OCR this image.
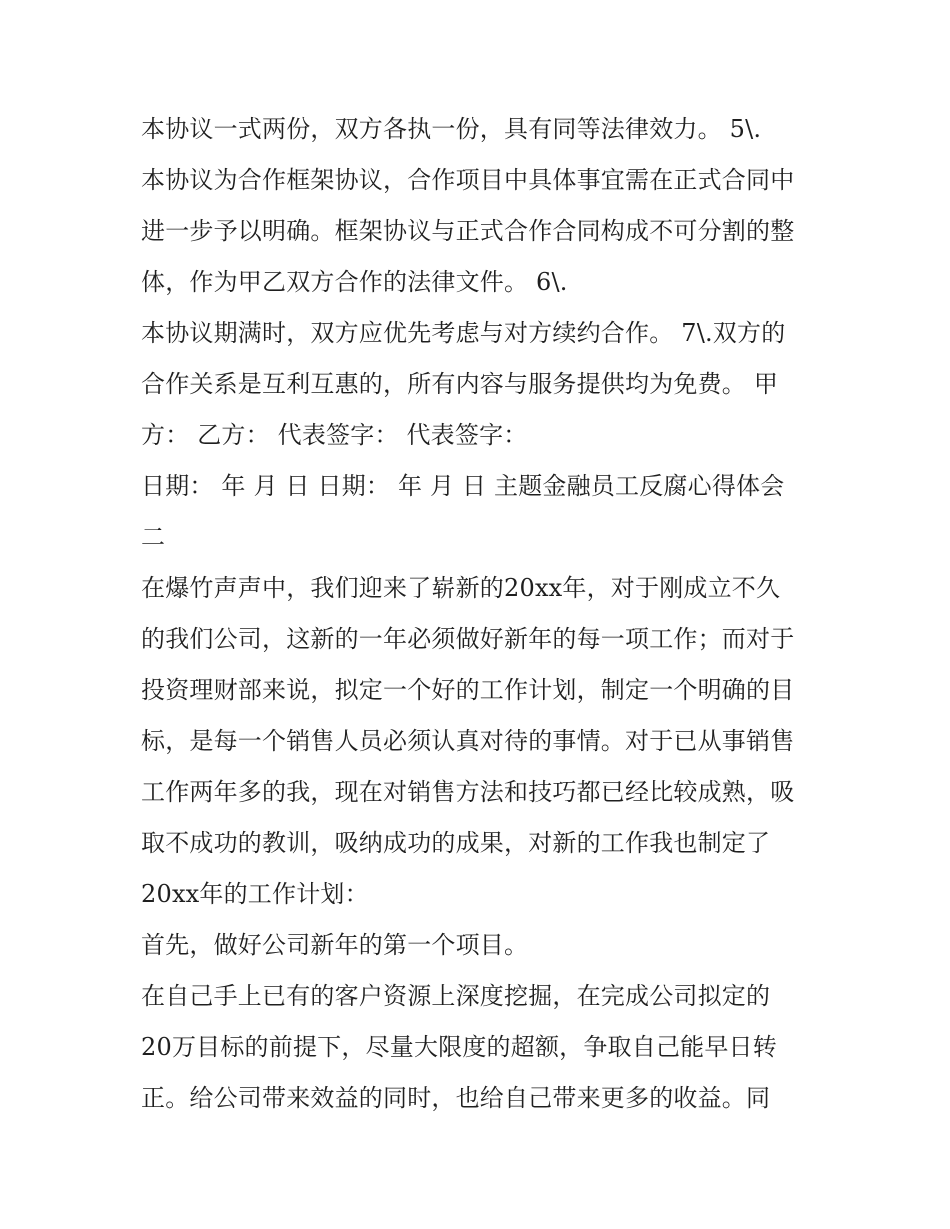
本协议一式两份，双方各执一份，具有同等法律效力。 5\.

本协议为合作框架协议，合作项目中具体事宜需在正式合同中

进一步予以明确。框架协议与正式合作合同构成不可分割的整

体，作为甲乙双方合作的法律文件。 6\.

本协议期满时，双方应优先考虑与对方续约合作。 7\.双方的

合作关系是互利互惠的，所有内容与服务提供均为免费。 甲

方： 乙方： 代表签字： 代表签字：

日期： 年 月 日 日期： 年 月 日 主题金融员工反腐心得体会

二

在爆竹声声中，我们迎来了崭新的20xx年，对于刚成立不久

的我们公司，这新的一年必须做好新年的每一项工作；而对于

投资理财部来说，拟定一个好的工作计划，制定一个明确的目

标，是每一个销售人员必须认真对待的事情。对于已从事销售

工作两年多的我，现在对销售方法和技巧都已经比较成熟，吸

取不成功的教训，吸纳成功的成果，对新的工作我也制定了

20xx年的工作计划：

首先，做好公司新年的第一个项目。

在自己手上已有的客户资源上深度挖掘，在完成公司拟定的

20万目标的前提下，尽量大限度的超额，争取自己能早日转

正。给公司带来效益的同时，也给自己带来更多的收益。同
